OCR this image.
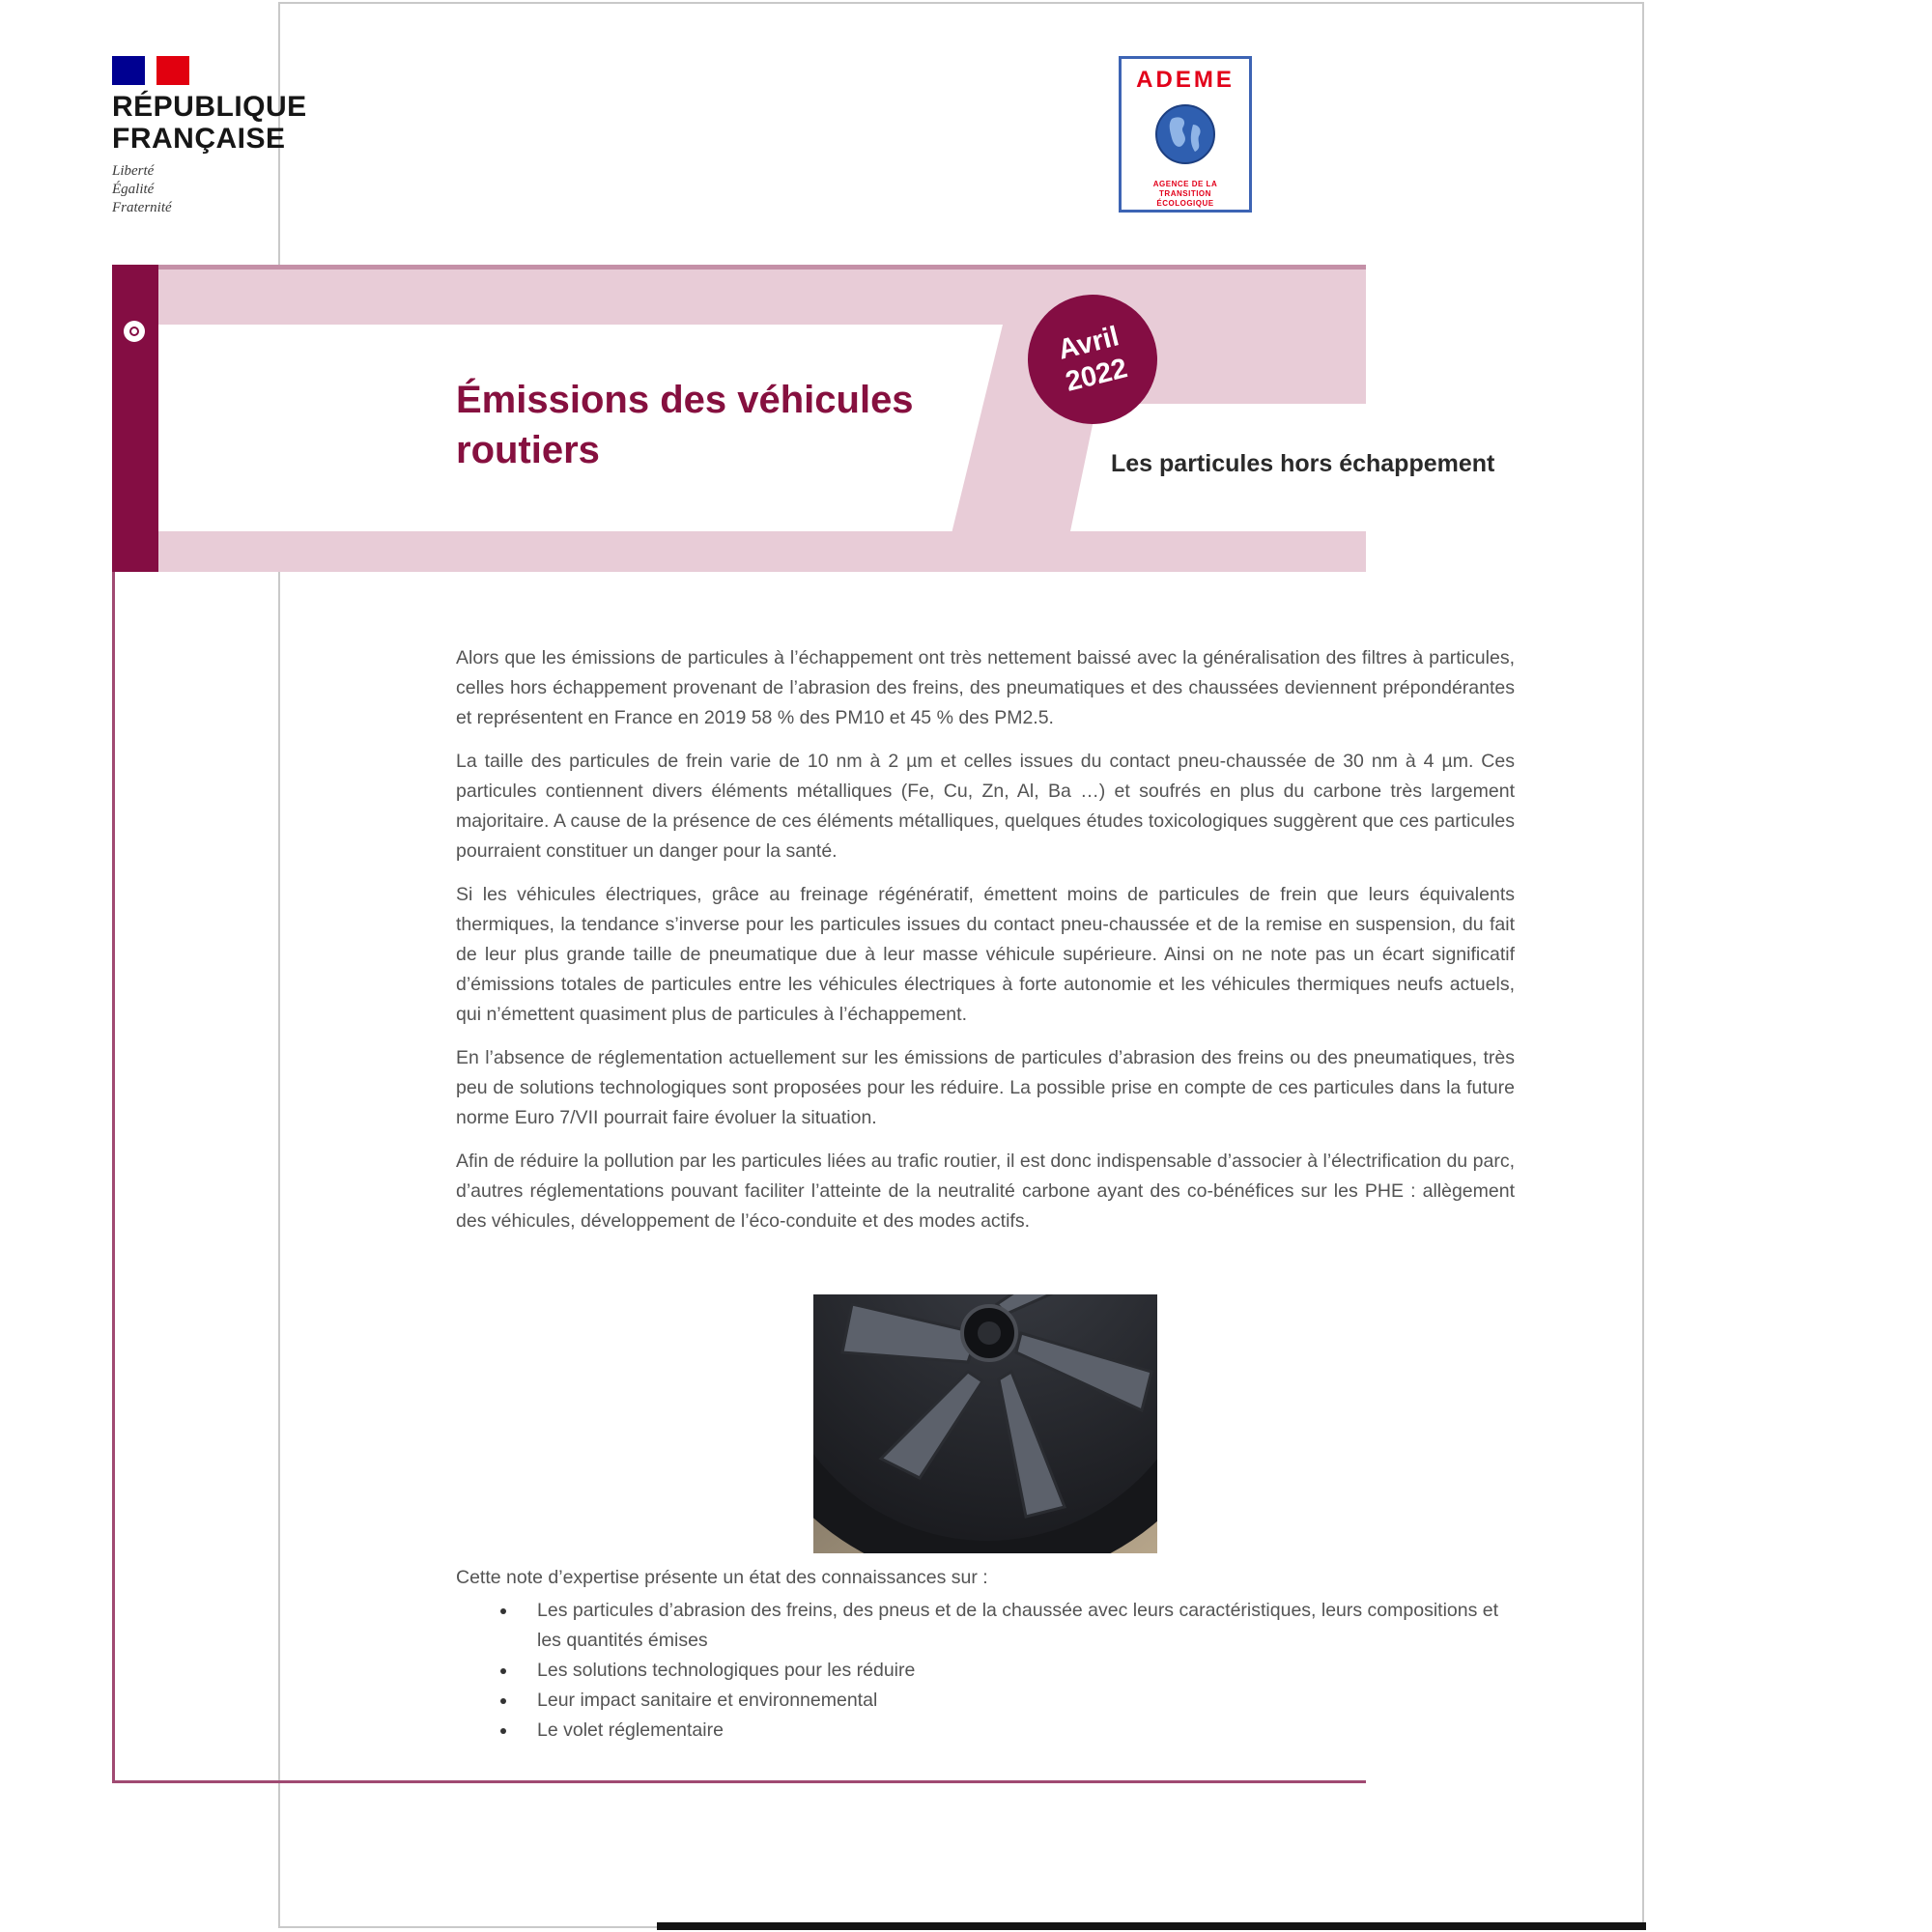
RÉPUBLIQUE
FRANÇAISE
Liberté
Égalité
Fraternité
ADEME
AGENCE DE LA
TRANSITION
ÉCOLOGIQUE
EXPERTISES
Émissions des véhicules routiers	Les particules hors échappement
Avril
2022

Alors que les émissions de particules à l’échappement ont très nettement baissé avec la généralisation des filtres à particules, celles hors échappement provenant de l’abrasion des freins, des pneumatiques et des chaussées deviennent prépondérantes et représentent en France en 2019 58 % des PM10 et 45 % des PM2.5.

La taille des particules de frein varie de 10 nm à 2 µm et celles issues du contact pneu-chaussée de 30 nm à 4 µm. Ces particules contiennent divers éléments métalliques (Fe, Cu, Zn, Al, Ba …) et soufrés en plus du carbone très largement majoritaire. A cause de la présence de ces éléments métalliques, quelques études toxicologiques suggèrent que ces particules pourraient constituer un danger pour la santé.

Si les véhicules électriques, grâce au freinage régénératif, émettent moins de particules de frein que leurs équivalents thermiques, la tendance s’inverse pour les particules issues du contact pneu-chaussée et de la remise en suspension, du fait de leur plus grande taille de pneumatique due à leur masse véhicule supérieure. Ainsi on ne note pas un écart significatif d’émissions totales de particules entre les véhicules électriques à forte autonomie et les véhicules thermiques neufs actuels, qui n’émettent quasiment plus de particules à l’échappement.

En l’absence de réglementation actuellement sur les émissions de particules d’abrasion des freins ou des pneumatiques, très peu de solutions technologiques sont proposées pour les réduire. La possible prise en compte de ces particules dans la future norme Euro 7/VII pourrait faire évoluer la situation.

Afin de réduire la pollution par les particules liées au trafic routier, il est donc indispensable d’associer à l’électrification du parc, d’autres réglementations pouvant faciliter l’atteinte de la neutralité carbone ayant des co-bénéfices sur les PHE : allègement des véhicules, développement de l’éco-conduite et des modes actifs.

Cette note d’expertise présente un état des connaissances sur :
Les particules d’abrasion des freins, des pneus et de la chaussée avec leurs caractéristiques, leurs compositions et les quantités émises
Les solutions technologiques pour les réduire
Leur impact sanitaire et environnemental
Le volet réglementaire
